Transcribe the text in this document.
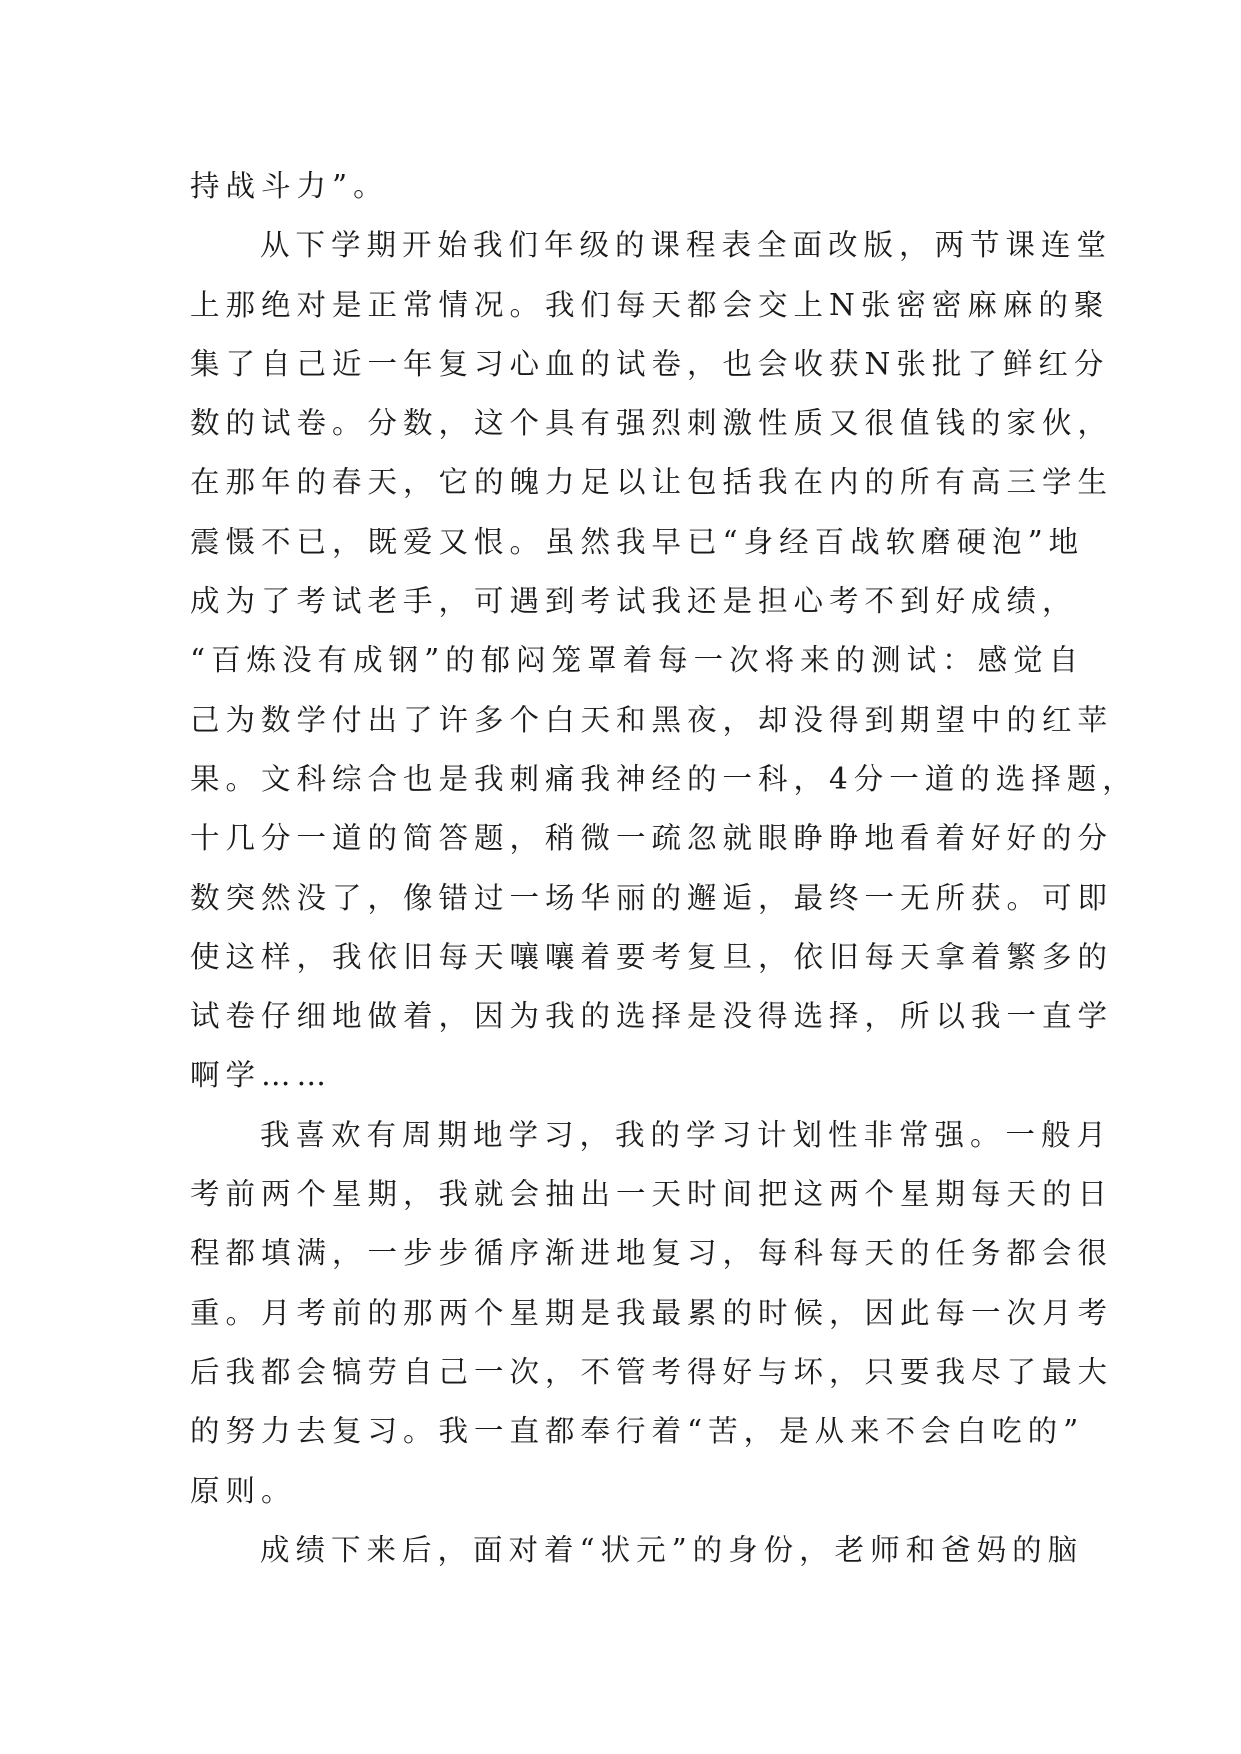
持战斗力”。
从下学期开始我们年级的课程表全面改版，两节课连堂
上那绝对是正常情况。我们每天都会交上N张密密麻麻的聚
集了自己近一年复习心血的试卷，也会收获N张批了鲜红分
数的试卷。分数，这个具有强烈刺激性质又很值钱的家伙，
在那年的春天，它的魄力足以让包括我在内的所有高三学生
震慑不已，既爱又恨。虽然我早已“身经百战软磨硬泡”地
成为了考试老手，可遇到考试我还是担心考不到好成绩，
“百炼没有成钢”的郁闷笼罩着每一次将来的测试：感觉自
己为数学付出了许多个白天和黑夜，却没得到期望中的红苹
果。文科综合也是我刺痛我神经的一科，4分一道的选择题，
十几分一道的简答题，稍微一疏忽就眼睁睁地看着好好的分
数突然没了，像错过一场华丽的邂逅，最终一无所获。可即
使这样，我依旧每天嚷嚷着要考复旦，依旧每天拿着繁多的
试卷仔细地做着，因为我的选择是没得选择，所以我一直学
啊学……
我喜欢有周期地学习，我的学习计划性非常强。一般月
考前两个星期，我就会抽出一天时间把这两个星期每天的日
程都填满，一步步循序渐进地复习，每科每天的任务都会很
重。月考前的那两个星期是我最累的时候，因此每一次月考
后我都会犒劳自己一次，不管考得好与坏，只要我尽了最大
的努力去复习。我一直都奉行着“苦，是从来不会白吃的”
原则。
成绩下来后，面对着“状元”的身份，老师和爸妈的脑
